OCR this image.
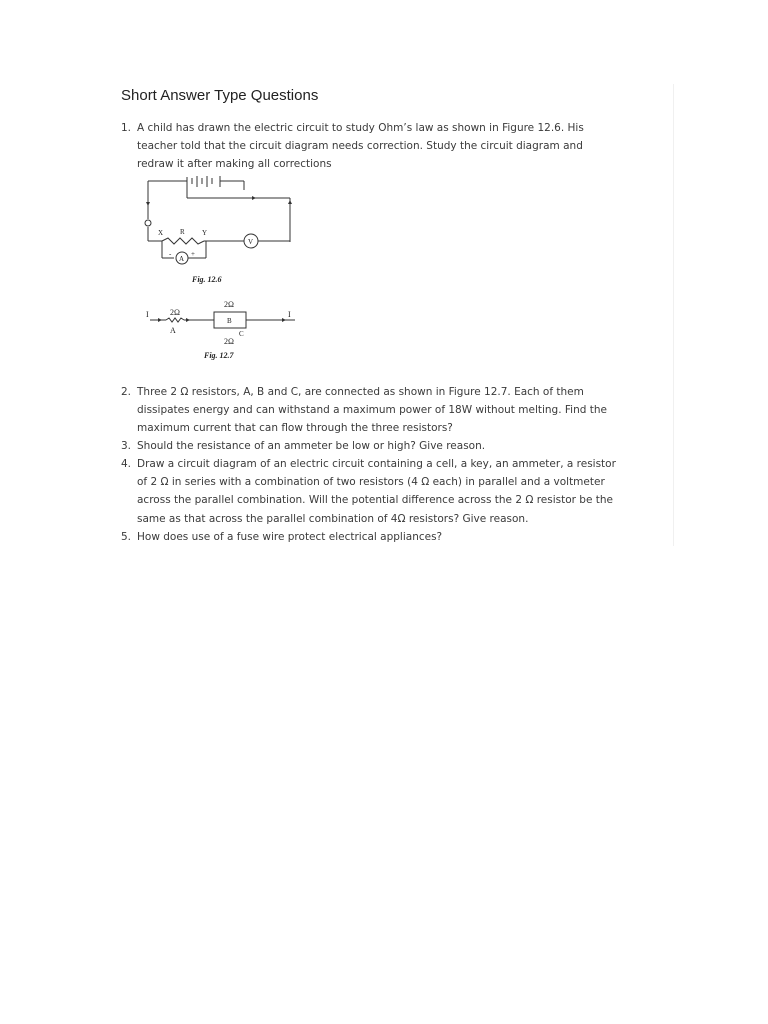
Short Answer Type Questions
1. A child has drawn the electric circuit to study Ohm’s law as shown in Figure 12.6. His
teacher told that the circuit diagram needs correction. Study the circuit diagram and
redraw it after making all corrections
X R Y
V
A
-	+
Fig. 12.6
I	2Ω
A
2Ω
B
C
2Ω
I
Fig. 12.7
2. Three 2 Ω resistors, A, B and C, are connected as shown in Figure 12.7. Each of them
dissipates energy and can withstand a maximum power of 18W without melting. Find the
maximum current that can flow through the three resistors?
3. Should the resistance of an ammeter be low or high? Give reason.
4. Draw a circuit diagram of an electric circuit containing a cell, a key, an ammeter, a resistor
of 2 Ω in series with a combination of two resistors (4 Ω each) in parallel and a voltmeter
across the parallel combination. Will the potential difference across the 2 Ω resistor be the
same as that across the parallel combination of 4Ω resistors? Give reason.
5. How does use of a fuse wire protect electrical appliances?
